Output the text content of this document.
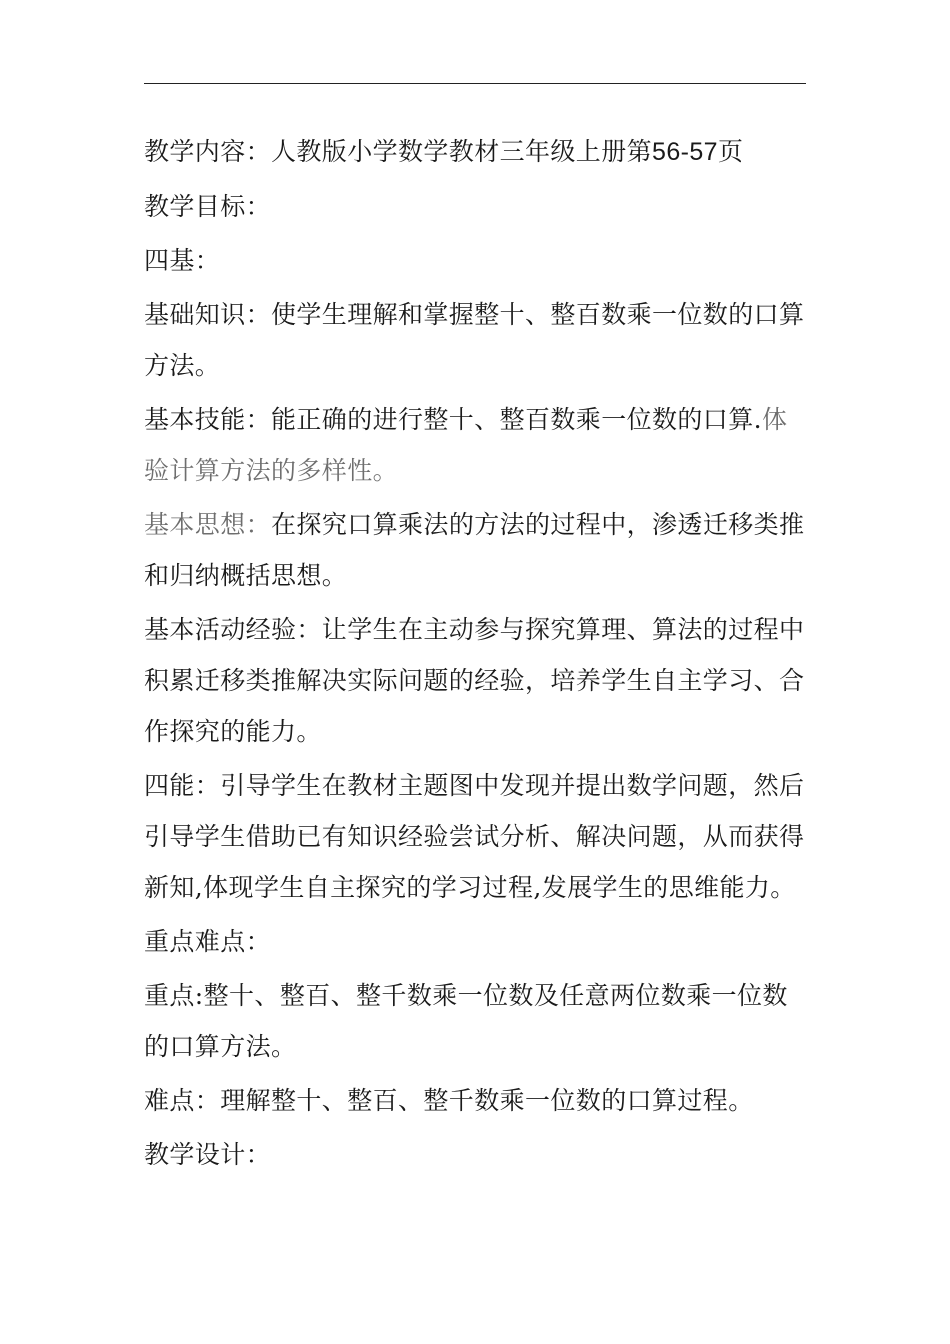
教学内容：人教版小学数学教材三年级上册第56-57页

教学目标：

四基：

基础知识：使学生理解和掌握整十、整百数乘一位数的口算方法。

基本技能：能正确的进行整十、整百数乘一位数的口算.体验计算方法的多样性。

基本思想：在探究口算乘法的方法的过程中，渗透迁移类推和归纳概括思想。

基本活动经验：让学生在主动参与探究算理、算法的过程中积累迁移类推解决实际问题的经验，培养学生自主学习、合作探究的能力。

四能：引导学生在教材主题图中发现并提出数学问题，然后引导学生借助已有知识经验尝试分析、解决问题，从而获得新知,体现学生自主探究的学习过程,发展学生的思维能力。

重点难点：

重点:整十、整百、整千数乘一位数及任意两位数乘一位数的口算方法。

难点：理解整十、整百、整千数乘一位数的口算过程。

教学设计：
